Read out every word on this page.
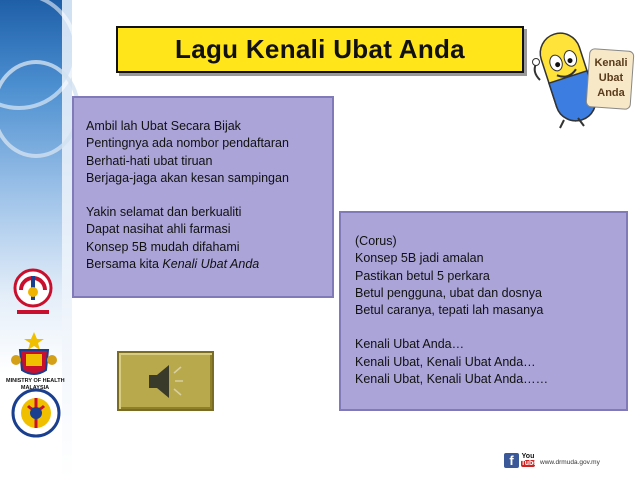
Lagu Kenali Ubat Anda	Kenali
Ubat
Anda
Ambil lah Ubat Secara Bijak
Pentingnya ada nombor pendaftaran
Berhati-hati ubat tiruan
Berjaga-jaga akan kesan sampingan
Yakin selamat dan berkualiti
Dapat nasihat ahli farmasi
Konsep 5B mudah difahami
Bersama kita Kenali Ubat Anda
(Corus)
Konsep 5B jadi amalan
Pastikan betul 5 perkara
Betul pengguna, ubat dan dosnya
Betul caranya, tepati lah masanya
Kenali Ubat Anda…
Kenali Ubat, Kenali Ubat Anda…
Kenali Ubat, Kenali Ubat Anda……
MINISTRY OF HEALTH
MALAYSIA
f	You
Tube www.drmuda.gov.my
